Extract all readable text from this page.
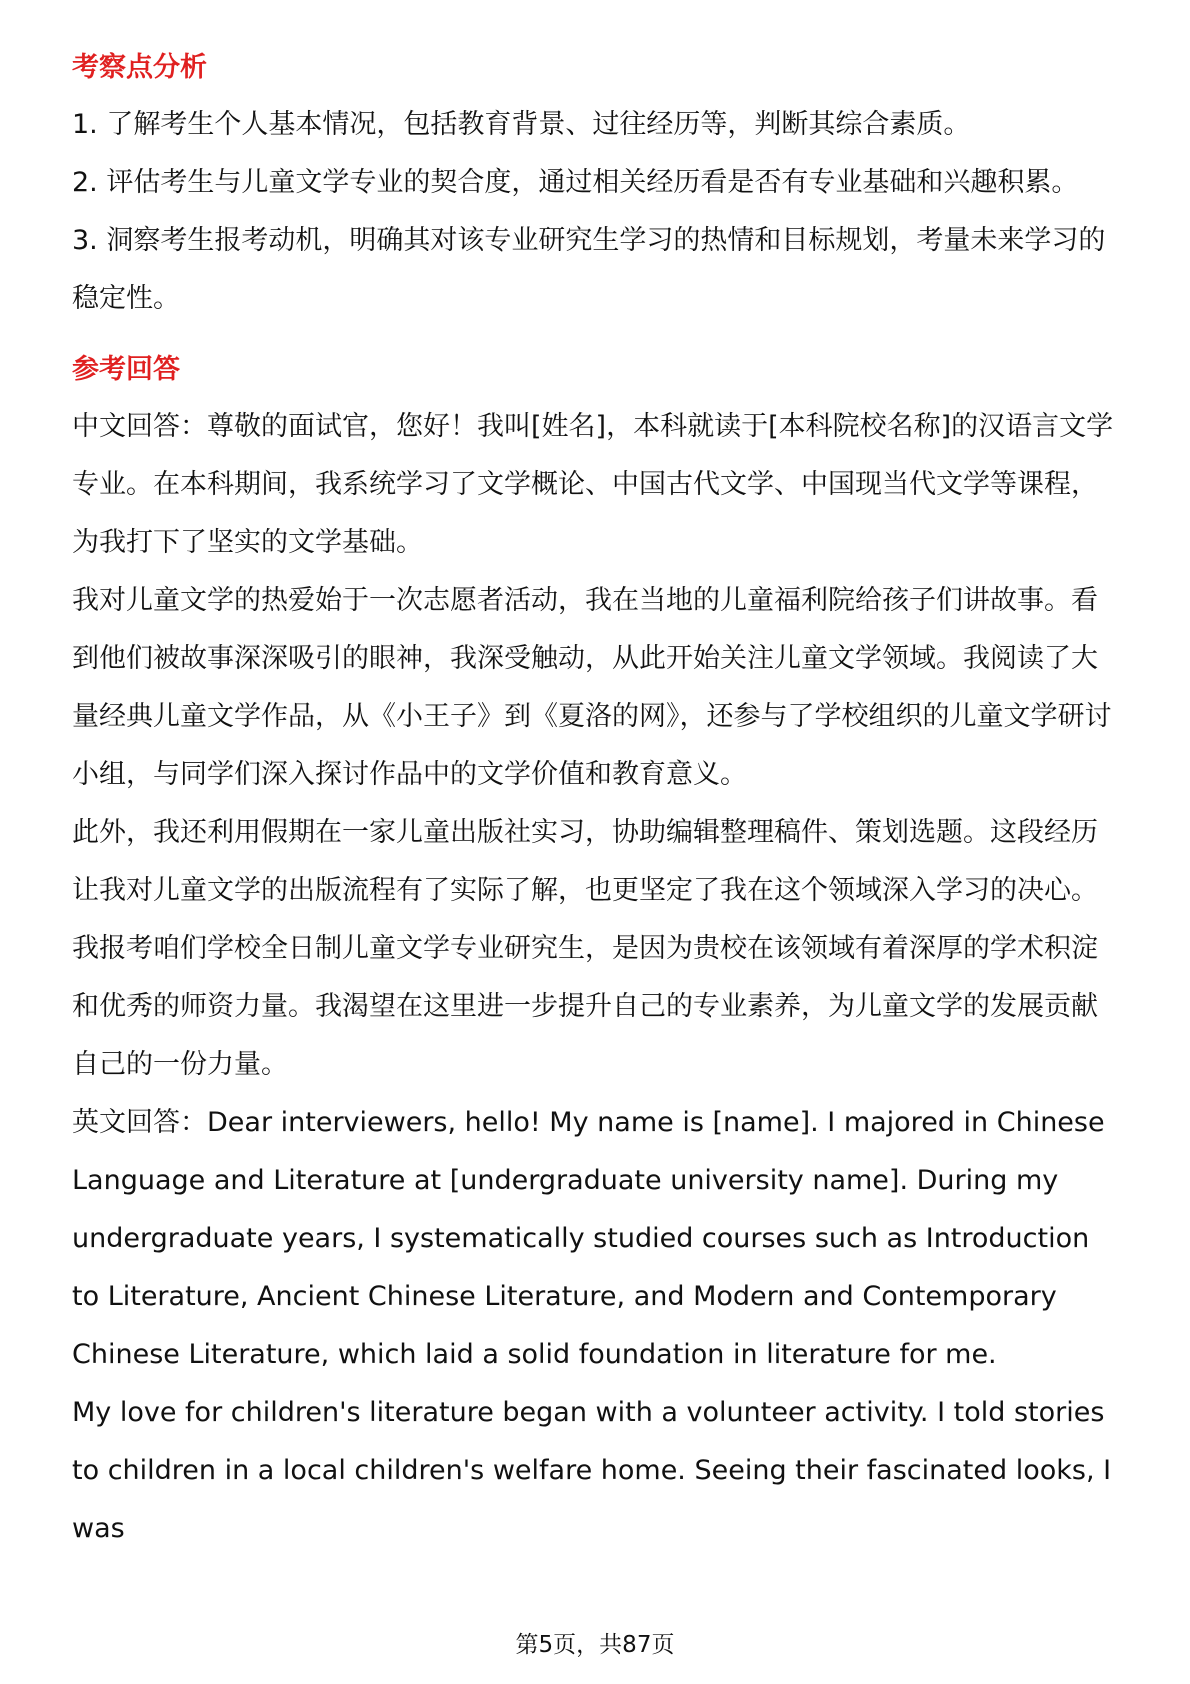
考察点分析

1. 了解考生个人基本情况，包括教育背景、过往经历等，判断其综合素质。

2. 评估考生与儿童文学专业的契合度，通过相关经历看是否有专业基础和兴趣积累。

3. 洞察考生报考动机，明确其对该专业研究生学习的热情和目标规划，考量未来学习的稳定性。

参考回答

中文回答：尊敬的面试官，您好！我叫[姓名]，本科就读于[本科院校名称]的汉语言文学专业。在本科期间，我系统学习了文学概论、中国古代文学、中国现当代文学等课程，为我打下了坚实的文学基础。

我对儿童文学的热爱始于一次志愿者活动，我在当地的儿童福利院给孩子们讲故事。看到他们被故事深深吸引的眼神，我深受触动，从此开始关注儿童文学领域。我阅读了大量经典儿童文学作品，从《小王子》到《夏洛的网》，还参与了学校组织的儿童文学研讨小组，与同学们深入探讨作品中的文学价值和教育意义。

此外，我还利用假期在一家儿童出版社实习，协助编辑整理稿件、策划选题。这段经历让我对儿童文学的出版流程有了实际了解，也更坚定了我在这个领域深入学习的决心。

我报考咱们学校全日制儿童文学专业研究生，是因为贵校在该领域有着深厚的学术积淀和优秀的师资力量。我渴望在这里进一步提升自己的专业素养，为儿童文学的发展贡献自己的一份力量。

英文回答：Dear interviewers, hello! My name is [name]. I majored in Chinese Language and Literature at [undergraduate university name]. During my undergraduate years, I systematically studied courses such as Introduction to Literature, Ancient Chinese Literature, and Modern and Contemporary Chinese Literature, which laid a solid foundation in literature for me.

My love for children's literature began with a volunteer activity. I told stories to children in a local children's welfare home. Seeing their fascinated looks, I was

第5页，共87页
